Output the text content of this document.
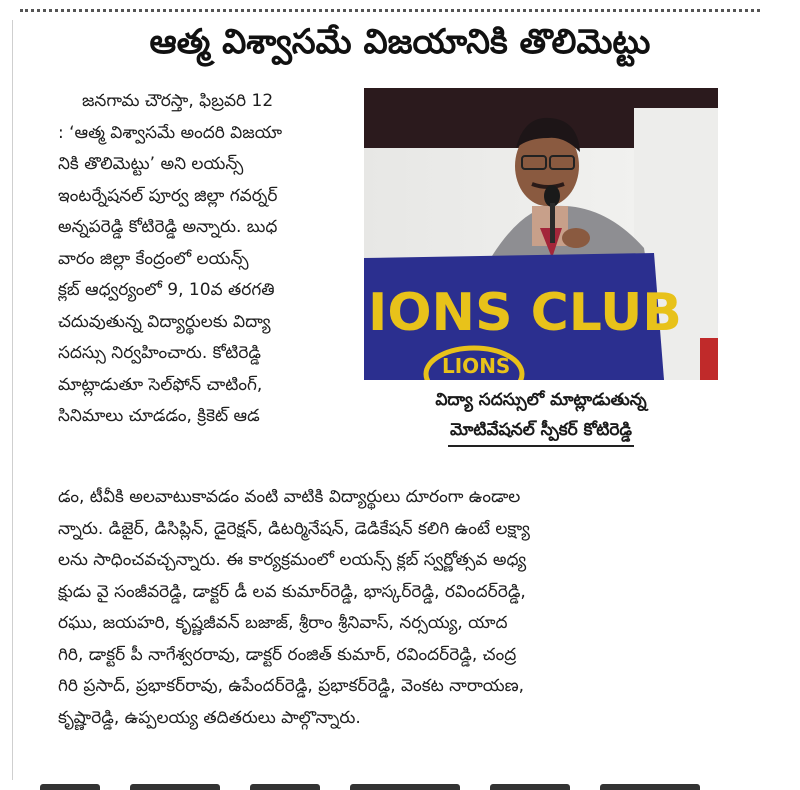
ఆత్మ విశ్వాసమే విజయానికి తొలిమెట్టు
జనగామ చౌరస్తా, ఫిబ్రవరి 12
: ‘ఆత్మ విశ్వాసమే అందరి విజయా
నికి తొలిమెట్టు’ అని లయన్స్
ఇంటర్నేషనల్ పూర్వ జిల్లా గవర్నర్
అన్నపరెడ్డి కోటిరెడ్డి అన్నారు. బుధ
వారం జిల్లా కేంద్రంలో లయన్స్
క్లబ్ ఆధ్వర్యంలో 9, 10వ తరగతి
చదువుతున్న విద్యార్థులకు విద్యా
సదస్సు నిర్వహించారు. కోటిరెడ్డి
మాట్లాడుతూ సెల్‌ఫోన్ చాటింగ్,
సినిమాలు చూడడం, క్రికెట్ ఆడ
IONS CLUB
LIONS
విద్యా సదస్సులో మాట్లాడుతున్న
మోటివేషనల్ స్పీకర్ కోటిరెడ్డి
డం, టీవీకి అలవాటుకావడం వంటి వాటికి విద్యార్థులు దూరంగా ఉండాల
న్నారు. డిజైర్, డిసిప్లిన్, డైరెక్షన్, డిటర్మినేషన్, డెడికేషన్ కలిగి ఉంటే లక్ష్యా
లను సాధించవచ్చన్నారు. ఈ కార్యక్రమంలో లయన్స్ క్లబ్ స్వర్ణోత్సవ అధ్య
క్షుడు వై సంజీవరెడ్డి, డాక్టర్ డీ లవ కుమార్‌రెడ్డి, భాస్కర్‌రెడ్డి, రవిందర్‌రెడ్డి,
రఘు, జయహరి, కృష్ణజీవన్ బజాజ్, శ్రీరాం శ్రీనివాస్, నర్సయ్య, యాద
గిరి, డాక్టర్ పీ నాగేశ్వరరావు, డాక్టర్ రంజిత్ కుమార్, రవిందర్‌రెడ్డి, చంద్ర
గిరి ప్రసాద్, ప్రభాకర్‌రావు, ఉపేందర్‌రెడ్డి, ప్రభాకర్‌రెడ్డి, వెంకట నారాయణ,
కృష్ణారెడ్డి, ఉప్పలయ్య తదితరులు పాల్గొన్నారు.
